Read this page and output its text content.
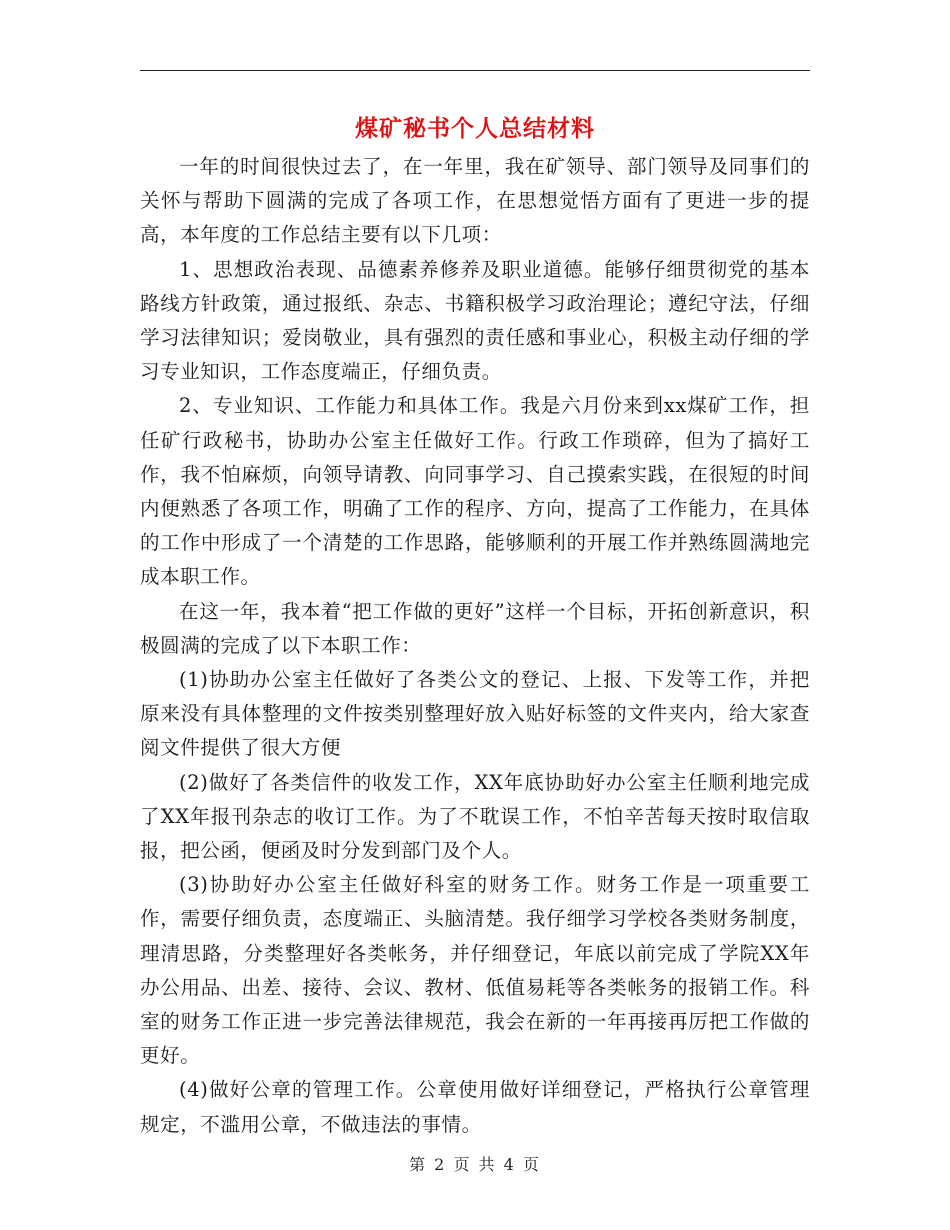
煤矿秘书个人总结材料

一年的时间很快过去了，在一年里，我在矿领导、部门领导及同事们的关怀与帮助下圆满的完成了各项工作，在思想觉悟方面有了更进一步的提高，本年度的工作总结主要有以下几项：

1、思想政治表现、品德素养修养及职业道德。能够仔细贯彻党的基本路线方针政策，通过报纸、杂志、书籍积极学习政治理论；遵纪守法，仔细学习法律知识；爱岗敬业，具有强烈的责任感和事业心，积极主动仔细的学习专业知识，工作态度端正，仔细负责。

2、专业知识、工作能力和具体工作。我是六月份来到xx煤矿工作，担任矿行政秘书，协助办公室主任做好工作。行政工作琐碎，但为了搞好工作，我不怕麻烦，向领导请教、向同事学习、自己摸索实践，在很短的时间内便熟悉了各项工作，明确了工作的程序、方向，提高了工作能力，在具体的工作中形成了一个清楚的工作思路，能够顺利的开展工作并熟练圆满地完成本职工作。

在这一年，我本着“把工作做的更好”这样一个目标，开拓创新意识，积极圆满的完成了以下本职工作：

(1)协助办公室主任做好了各类公文的登记、上报、下发等工作，并把原来没有具体整理的文件按类别整理好放入贴好标签的文件夹内，给大家查阅文件提供了很大方便

(2)做好了各类信件的收发工作，XX年底协助好办公室主任顺利地完成了XX年报刊杂志的收订工作。为了不耽误工作，不怕辛苦每天按时取信取报，把公函，便函及时分发到部门及个人。

(3)协助好办公室主任做好科室的财务工作。财务工作是一项重要工作，需要仔细负责，态度端正、头脑清楚。我仔细学习学校各类财务制度，理清思路，分类整理好各类帐务，并仔细登记，年底以前完成了学院XX年办公用品、出差、接待、会议、教材、低值易耗等各类帐务的报销工作。科室的财务工作正进一步完善法律规范，我会在新的一年再接再厉把工作做的更好。

(4)做好公章的管理工作。公章使用做好详细登记，严格执行公章管理规定，不滥用公章，不做违法的事情。

第 2 页 共 4 页
